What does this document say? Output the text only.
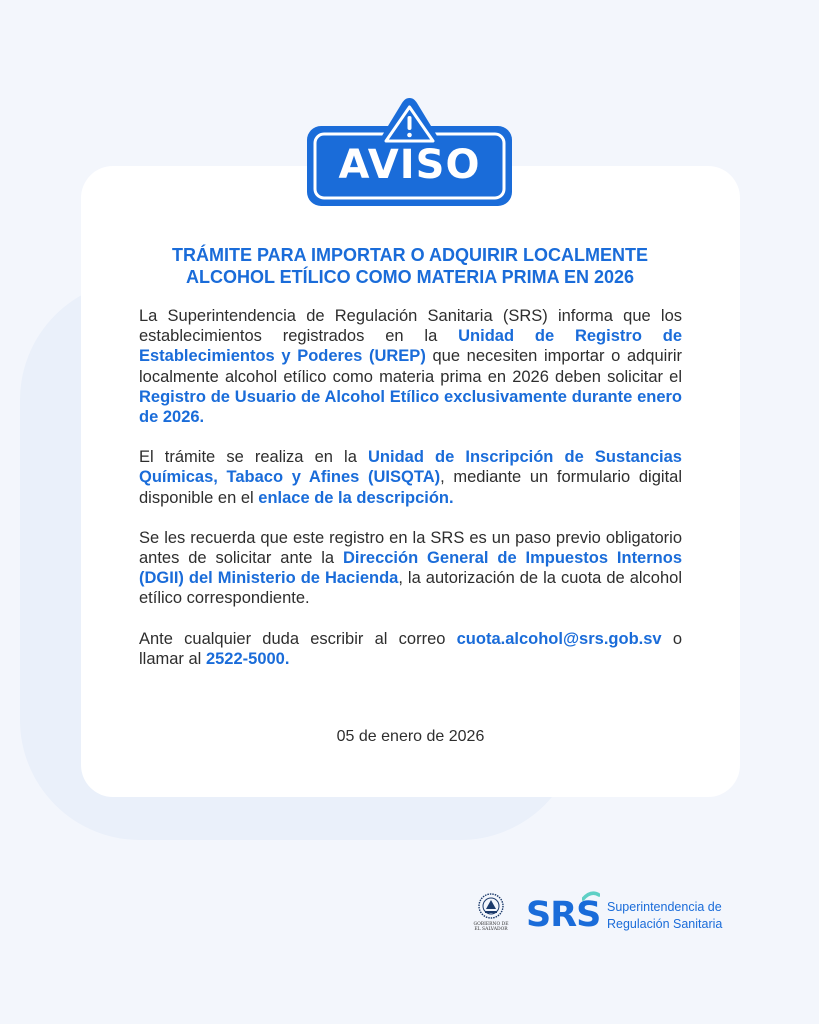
AVISO
TRÁMITE PARA IMPORTAR O ADQUIRIR LOCALMENTE
ALCOHOL ETÍLICO COMO MATERIA PRIMA EN 2026

La Superintendencia de Regulación Sanitaria (SRS) informa que los establecimientos registrados en la Unidad de Registro de Establecimientos y Poderes (UREP) que necesiten importar o adquirir localmente alcohol etílico como materia prima en 2026 deben solicitar el Registro de Usuario de Alcohol Etílico exclusivamente durante enero de 2026.

El trámite se realiza en la Unidad de Inscripción de Sustancias Químicas, Tabaco y Afines (UISQTA), mediante un formulario digital disponible en el enlace de la descripción.

Se les recuerda que este registro en la SRS es un paso previo obligatorio antes de solicitar ante la Dirección General de Impuestos Internos (DGII) del Ministerio de Hacienda, la autorización de la cuota de alcohol etílico correspondiente.

Ante cualquier duda escribir al correo cuota.alcohol@srs.gob.sv o llamar al 2522-5000.

05 de enero de 2026
GOBIERNO DE
EL SALVADOR SRS Superintendencia de
Regulación Sanitaria
